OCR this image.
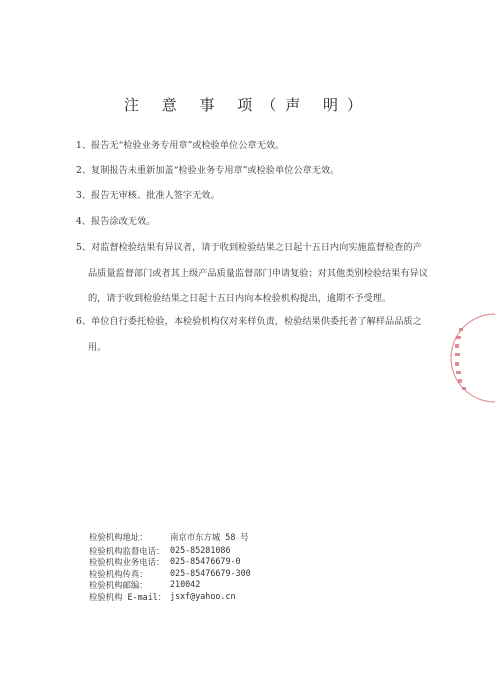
注 意 事 项（声 明）

1、报告无“检验业务专用章”或检验单位公章无效。

2、复制报告未重新加盖“检验业务专用章”或检验单位公章无效。

3、报告无审核、批准人签字无效。

4、报告涂改无效。

5、对监督检验结果有异议者，请于收到检验结果之日起十五日内向实施监督检查的产

品质量监督部门或者其上级产品质量监督部门申请复验；对其他类别检验结果有异议

的，请于收到检验结果之日起十五日内向本检验机构提出，逾期不予受理。

6、单位自行委托检验，本检验机构仅对来样负责，检验结果供委托者了解样品品质之

用。

检验机构地址：	南京市东方城 58 号
检验机构监督电话： 025-85281086
检验机构业务电话： 025-85476679-0
检验机构传真：	025-85476679-300
检验机构邮编：	210042
检验机构 E-mail： jsxf@yahoo.cn
